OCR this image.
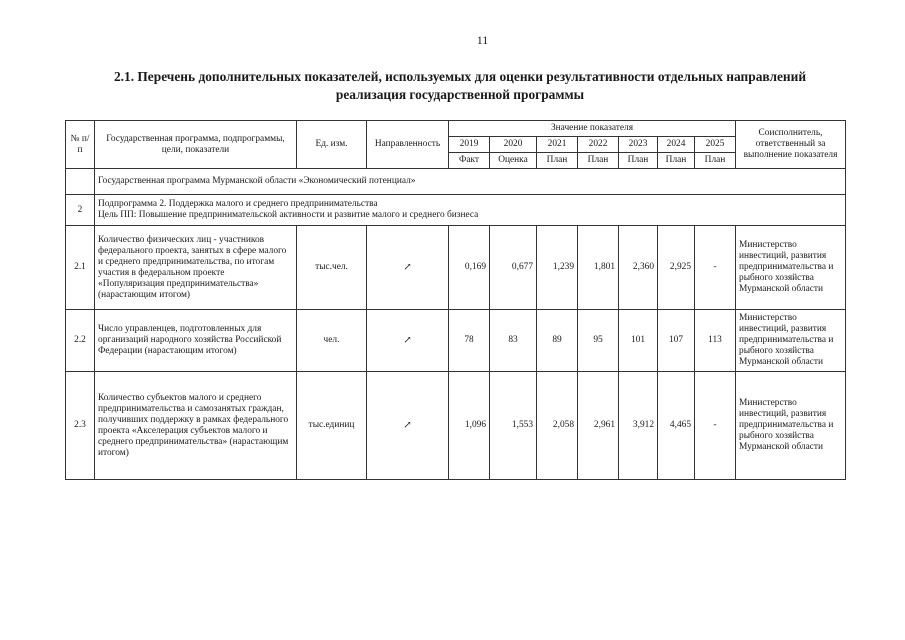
11
2.1. Перечень дополнительных показателей, используемых для оценки результативности отдельных направлений
реализация государственной программы
№ п/п	Государственная программа, подпрограммы, цели, показатели	Ед. изм.	Направленность	Значение показателя							Соисполнитель, ответственный за выполнение показателя
				2019	2020	2021	2022	2023	2024	2025	
				Факт	Оценка	План	План	План	План	План	
	Государственная программа Мурманской области «Экономический потенциал»										
2	Подпрограмма 2. Поддержка малого и среднего предпринимательства
Цель ПП: Повышение предпринимательской активности и развитие малого и среднего бизнеса										

2.1	Количество физических лиц - участников федерального проекта, занятых в сфере малого и среднего предпринимательства, по итогам участия в федеральном проекте «Популяризация предпринимательства» (нарастающим итогом)	тыс.чел.	↗	0,169	0,677	1,239	1,801	2,360	2,925	-	Министерство инвестиций, развития предпринимательства и рыбного хозяйства Мурманской области
2.2	Число управленцев, подготовленных для организаций народного хозяйства Российской Федерации (нарастающим итогом)	чел.	↗	78	83	89	95	101	107	113	Министерство инвестиций, развития предпринимательства и рыбного хозяйства Мурманской области
2.3	Количество субъектов малого и среднего предпринимательства и самозанятых граждан, получивших поддержку в рамках федерального проекта «Акселерация субъектов малого и среднего предпринимательства» (нарастающим итогом)	тыс.единиц	↗	1,096	1,553	2,058	2,961	3,912	4,465	-	Министерство инвестиций, развития предпринимательства и рыбного хозяйства Мурманской области
